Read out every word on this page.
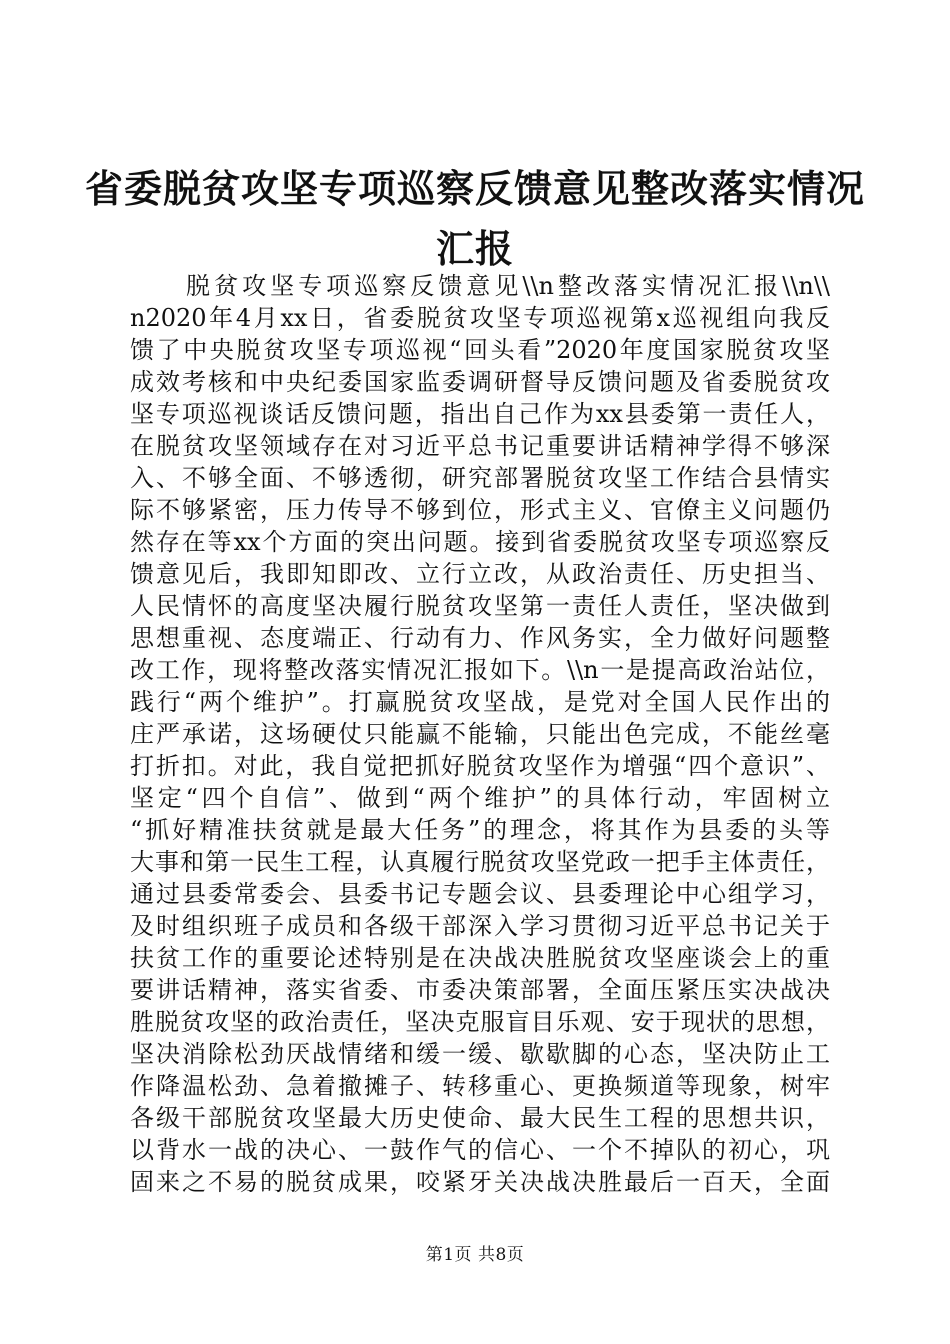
省委脱贫攻坚专项巡察反馈意见整改落实情况
汇报
　　脱贫攻坚专项巡察反馈意见\\n整改落实情况汇报\\n\\
n2020年4月xx日，省委脱贫攻坚专项巡视第x巡视组向我反
馈了中央脱贫攻坚专项巡视“回头看”2020年度国家脱贫攻坚
成效考核和中央纪委国家监委调研督导反馈问题及省委脱贫攻
坚专项巡视谈话反馈问题，指出自己作为xx县委第一责任人，
在脱贫攻坚领域存在对习近平总书记重要讲话精神学得不够深
入、不够全面、不够透彻，研究部署脱贫攻坚工作结合县情实
际不够紧密，压力传导不够到位，形式主义、官僚主义问题仍
然存在等xx个方面的突出问题。接到省委脱贫攻坚专项巡察反
馈意见后，我即知即改、立行立改，从政治责任、历史担当、
人民情怀的高度坚决履行脱贫攻坚第一责任人责任，坚决做到
思想重视、态度端正、行动有力、作风务实，全力做好问题整
改工作，现将整改落实情况汇报如下。\\n一是提高政治站位，
践行“两个维护”。打赢脱贫攻坚战，是党对全国人民作出的
庄严承诺，这场硬仗只能赢不能输，只能出色完成，不能丝毫
打折扣。对此，我自觉把抓好脱贫攻坚作为增强“四个意识”、
坚定“四个自信”、做到“两个维护”的具体行动，牢固树立
“抓好精准扶贫就是最大任务”的理念，将其作为县委的头等
大事和第一民生工程，认真履行脱贫攻坚党政一把手主体责任，
通过县委常委会、县委书记专题会议、县委理论中心组学习，
及时组织班子成员和各级干部深入学习贯彻习近平总书记关于
扶贫工作的重要论述特别是在决战决胜脱贫攻坚座谈会上的重
要讲话精神，落实省委、市委决策部署，全面压紧压实决战决
胜脱贫攻坚的政治责任，坚决克服盲目乐观、安于现状的思想，
坚决消除松劲厌战情绪和缓一缓、歇歇脚的心态，坚决防止工
作降温松劲、急着撤摊子、转移重心、更换频道等现象，树牢
各级干部脱贫攻坚最大历史使命、最大民生工程的思想共识，
以背水一战的决心、一鼓作气的信心、一个不掉队的初心，巩
固来之不易的脱贫成果，咬紧牙关决战决胜最后一百天，全面
第1页 共8页
